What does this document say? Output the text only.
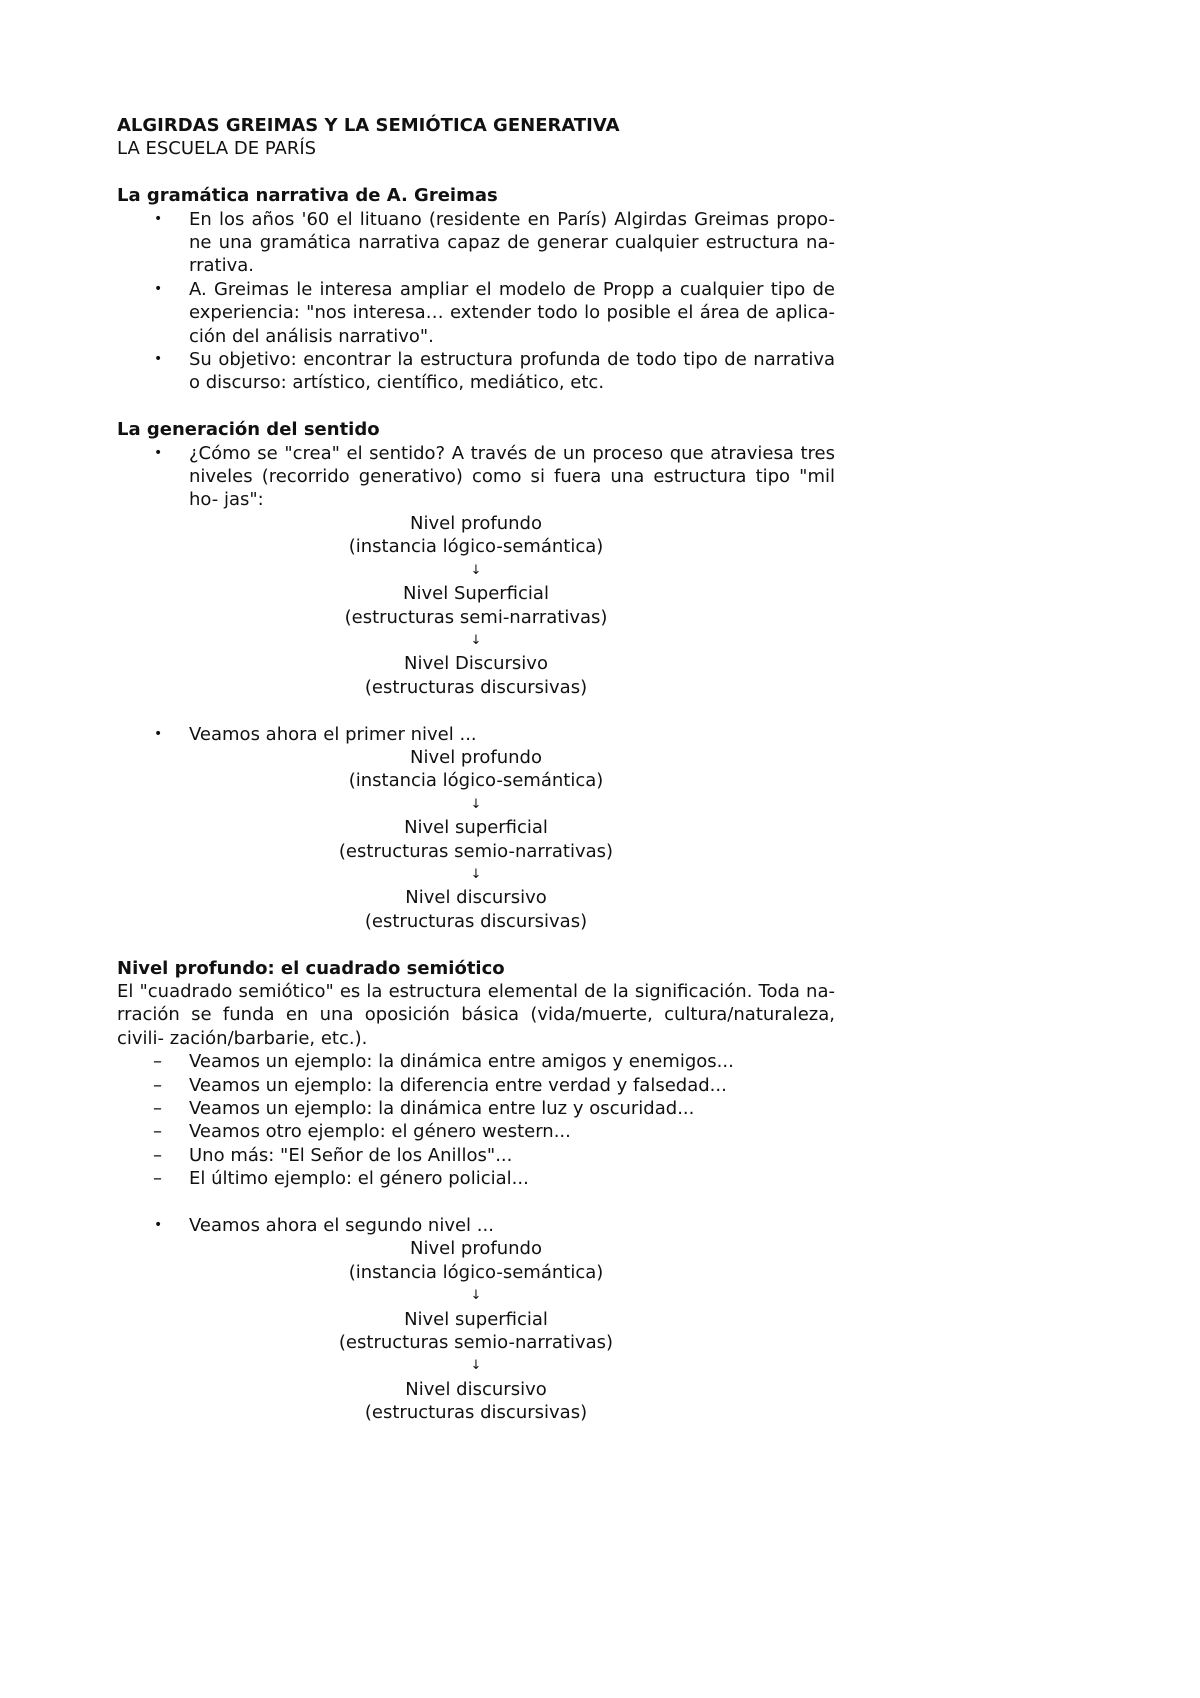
ALGIRDAS GREIMAS Y LA SEMIÓTICA GENERATIVA
LA ESCUELA DE PARÍS
La gramática narrativa de A. Greimas
• En los años '60 el lituano (residente en París) Algirdas Greimas propo- ne una gramática narrativa capaz de generar cualquier estructura na- rrativa.
• A. Greimas le interesa ampliar el modelo de Propp a cualquier tipo de experiencia: "nos interesa… extender todo lo posible el área de aplica- ción del análisis narrativo".
• Su objetivo: encontrar la estructura profunda de todo tipo de narrativa o discurso: artístico, científico, mediático, etc.
La generación del sentido
• ¿Cómo se "crea" el sentido? A través de un proceso que atraviesa tres niveles (recorrido generativo) como si fuera una estructura tipo "mil ho- jas":
Nivel profundo
(instancia lógico-semántica)
↓
Nivel Superficial
(estructuras semi-narrativas)
↓
Nivel Discursivo
(estructuras discursivas)
• Veamos ahora el primer nivel ...
Nivel profundo
(instancia lógico-semántica)
↓
Nivel superficial
(estructuras semio-narrativas)
↓
Nivel discursivo
(estructuras discursivas)
Nivel profundo: el cuadrado semiótico
El "cuadrado semiótico" es la estructura elemental de la significación. Toda na- rración se funda en una oposición básica (vida/muerte, cultura/naturaleza, civili- zación/barbarie, etc.).
– Veamos un ejemplo: la dinámica entre amigos y enemigos...
– Veamos un ejemplo: la diferencia entre verdad y falsedad...
– Veamos un ejemplo: la dinámica entre luz y oscuridad...
– Veamos otro ejemplo: el género western...
– Uno más: "El Señor de los Anillos"...
– El último ejemplo: el género policial...
• Veamos ahora el segundo nivel ...
Nivel profundo
(instancia lógico-semántica)
↓
Nivel superficial
(estructuras semio-narrativas)
↓
Nivel discursivo
(estructuras discursivas)
